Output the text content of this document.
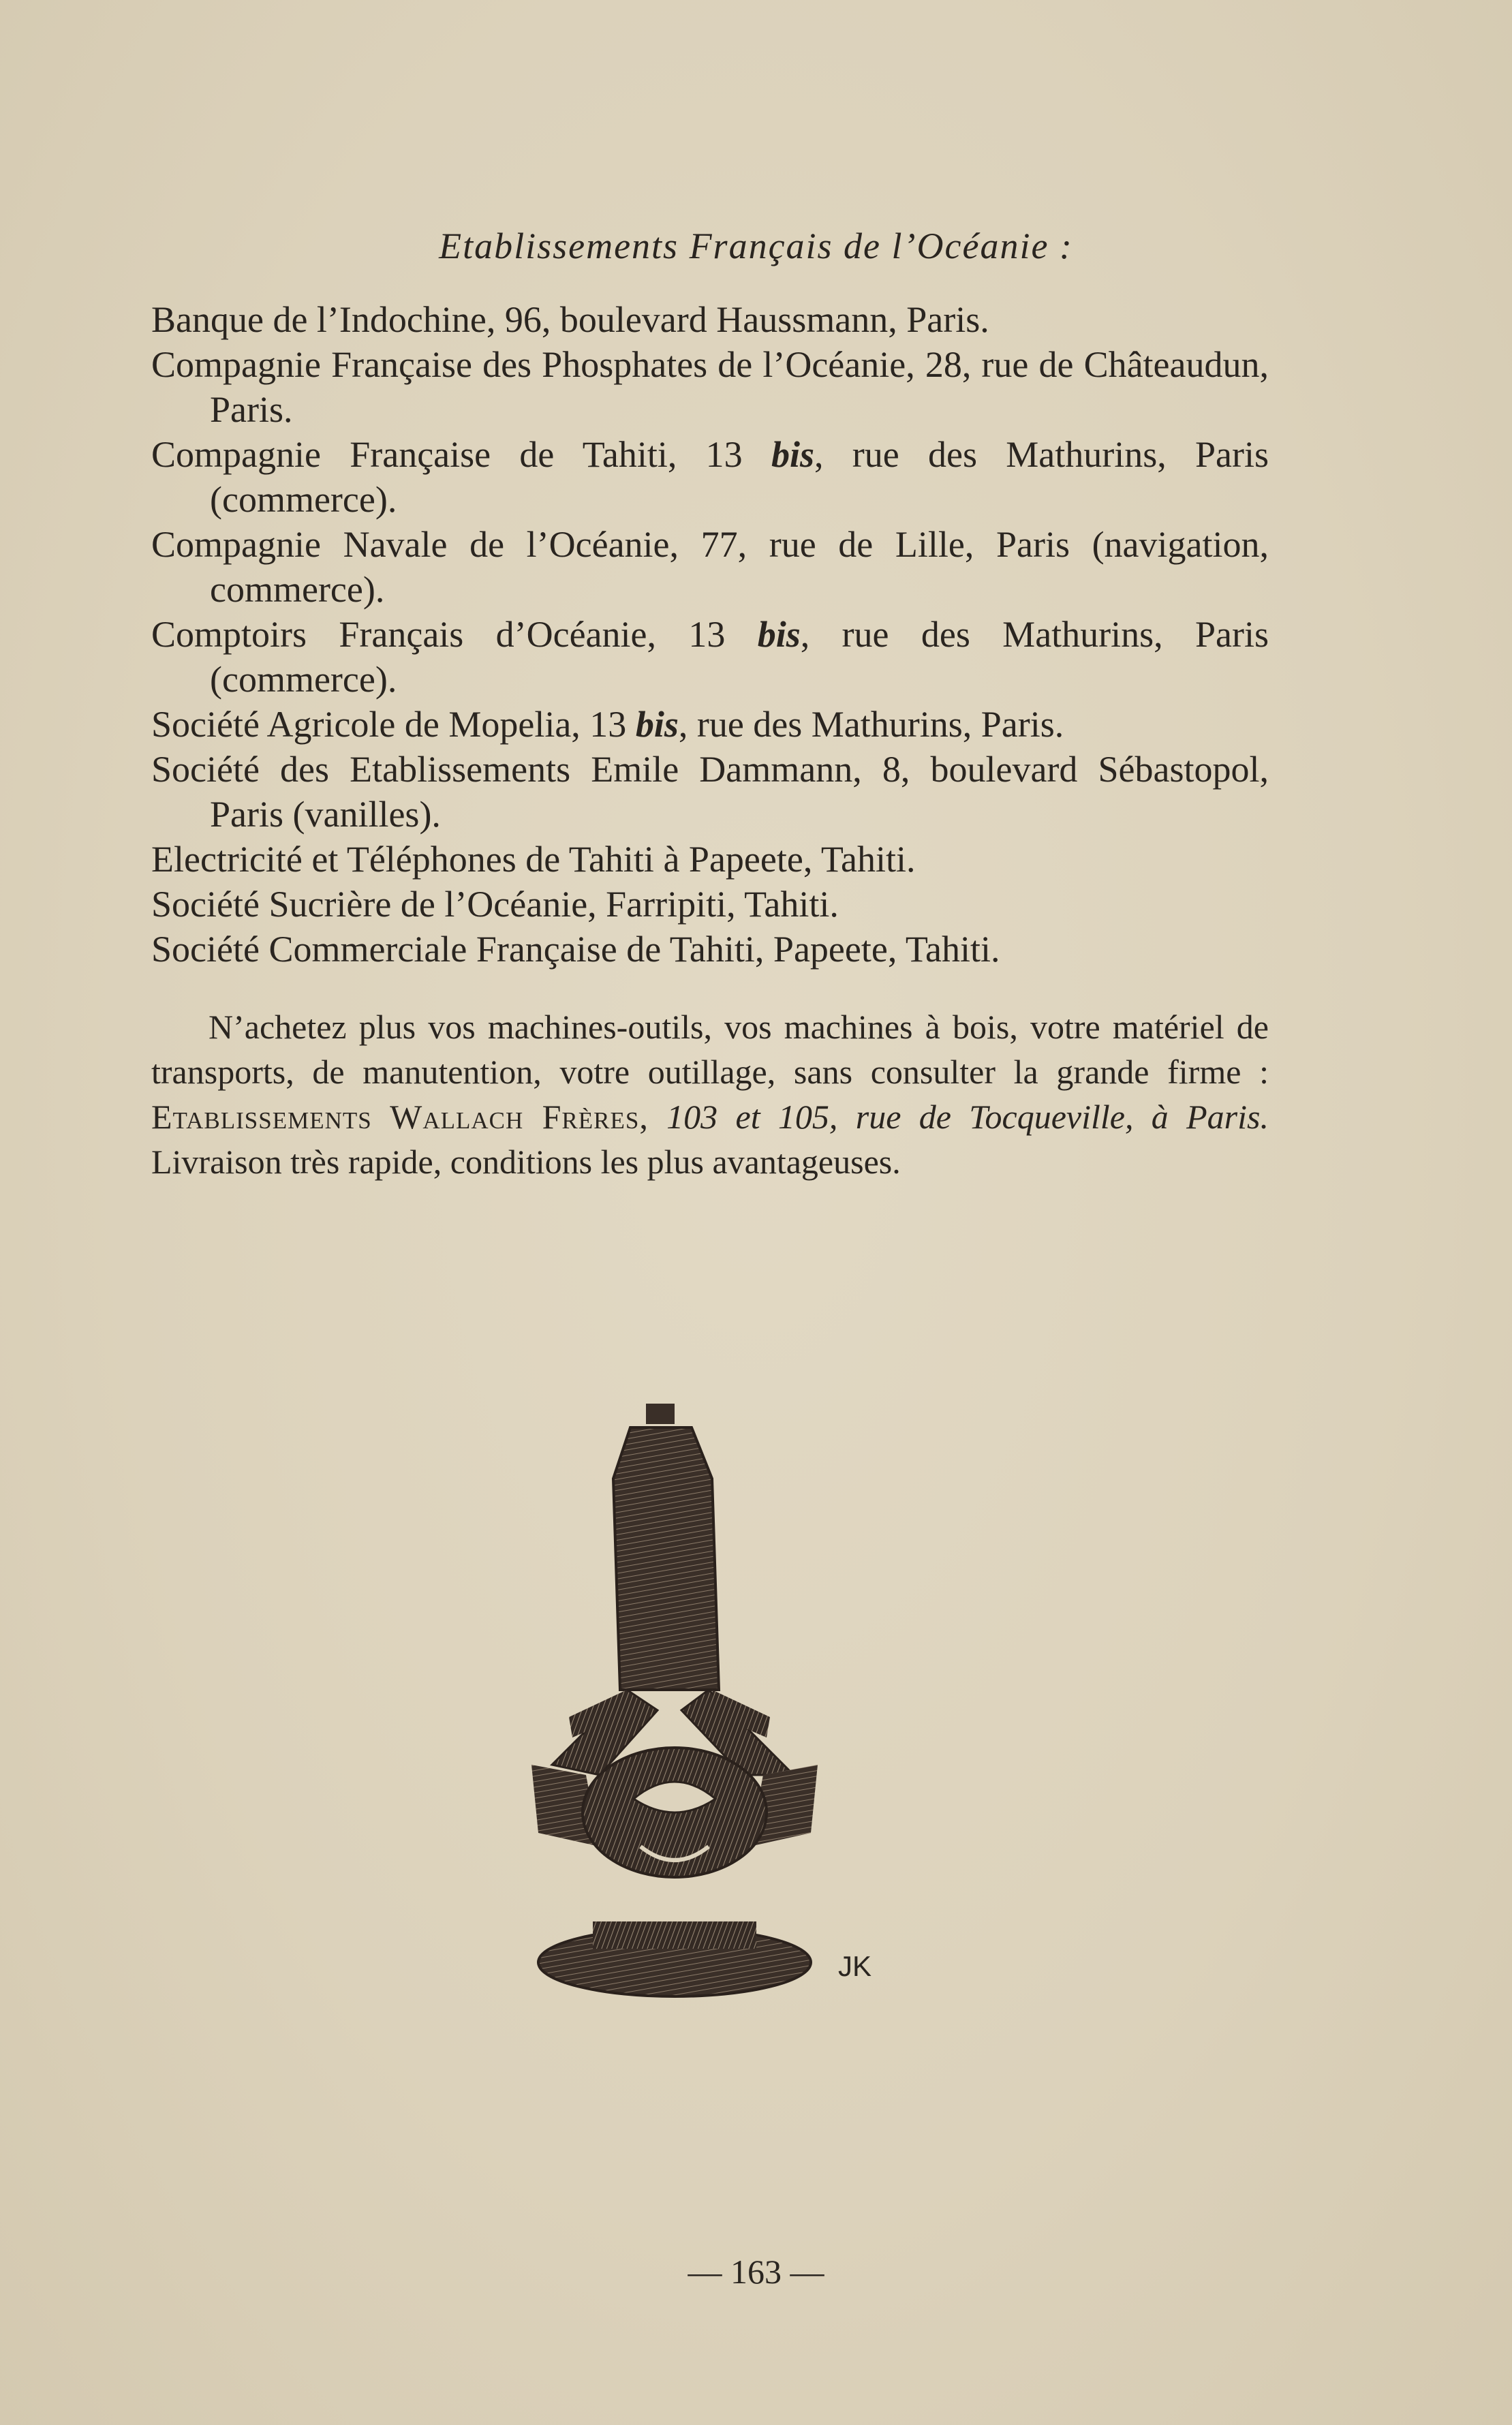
Etablissements Français de l’Océanie :
Banque de l’Indochine, 96, boulevard Haussmann, Paris.
Compagnie Française des Phosphates de l’Océanie, 28, rue de Châteaudun, Paris.
Compagnie Française de Tahiti, 13 bis, rue des Mathurins, Paris (commerce).
Compagnie Navale de l’Océanie, 77, rue de Lille, Paris (navigation, commerce).
Comptoirs Français d’Océanie, 13 bis, rue des Mathurins, Paris (commerce).
Société Agricole de Mopelia, 13 bis, rue des Mathurins, Paris.
Société des Etablissements Emile Dammann, 8, boulevard Sébastopol, Paris (vanilles).
Electricité et Téléphones de Tahiti à Papeete, Tahiti.
Société Sucrière de l’Océanie, Farripiti, Tahiti.
Société Commerciale Française de Tahiti, Papeete, Tahiti.
N’achetez plus vos machines-outils, vos machines à bois, votre matériel de transports, de manutention, votre outillage, sans consulter la grande firme : Etablissements Wallach Frères, 103 et 105, rue de Tocqueville, à Paris. Livraison très rapide, conditions les plus avantageuses.
JK
— 163 —
